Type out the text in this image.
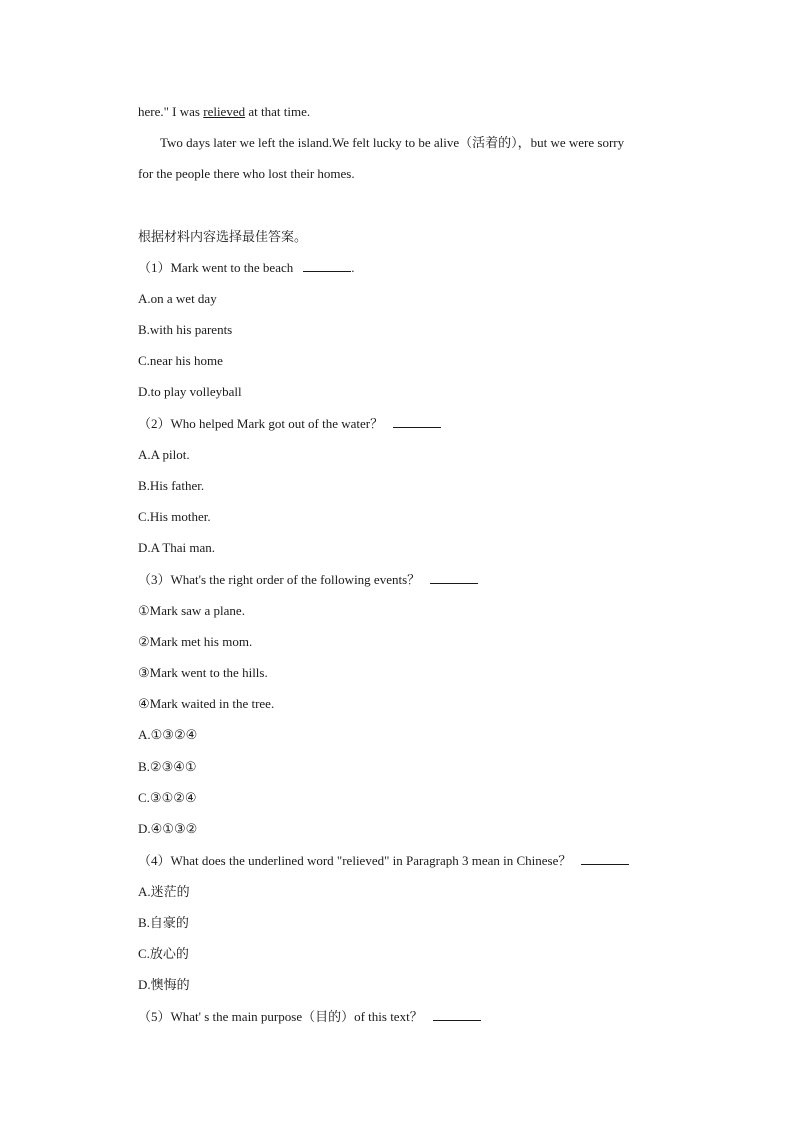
here." I was relieved at that time.
Two days later we left the island.We felt lucky to be alive（活着的），but we were sorry
for the people there who lost their homes.
根据材料内容选择最佳答案。
（1）Mark went to the beach	.
A.on a wet day
B.with his parents
C.near his home
D.to play volleyball
（2）Who helped Mark got out of the water？
A.A pilot.
B.His father.
C.His mother.
D.A Thai man.
（3）What's the right order of the following events？
①Mark saw a plane.
②Mark met his mom.
③Mark went to the hills.
④Mark waited in the tree.
A.①③②④
B.②③④①
C.③①②④
D.④①③②
（4）What does the underlined word "relieved" in Paragraph 3 mean in Chinese？
A.迷茫的
B.自豪的
C.放心的
D.懊悔的
（5）What' s the main purpose（目的）of this text？
